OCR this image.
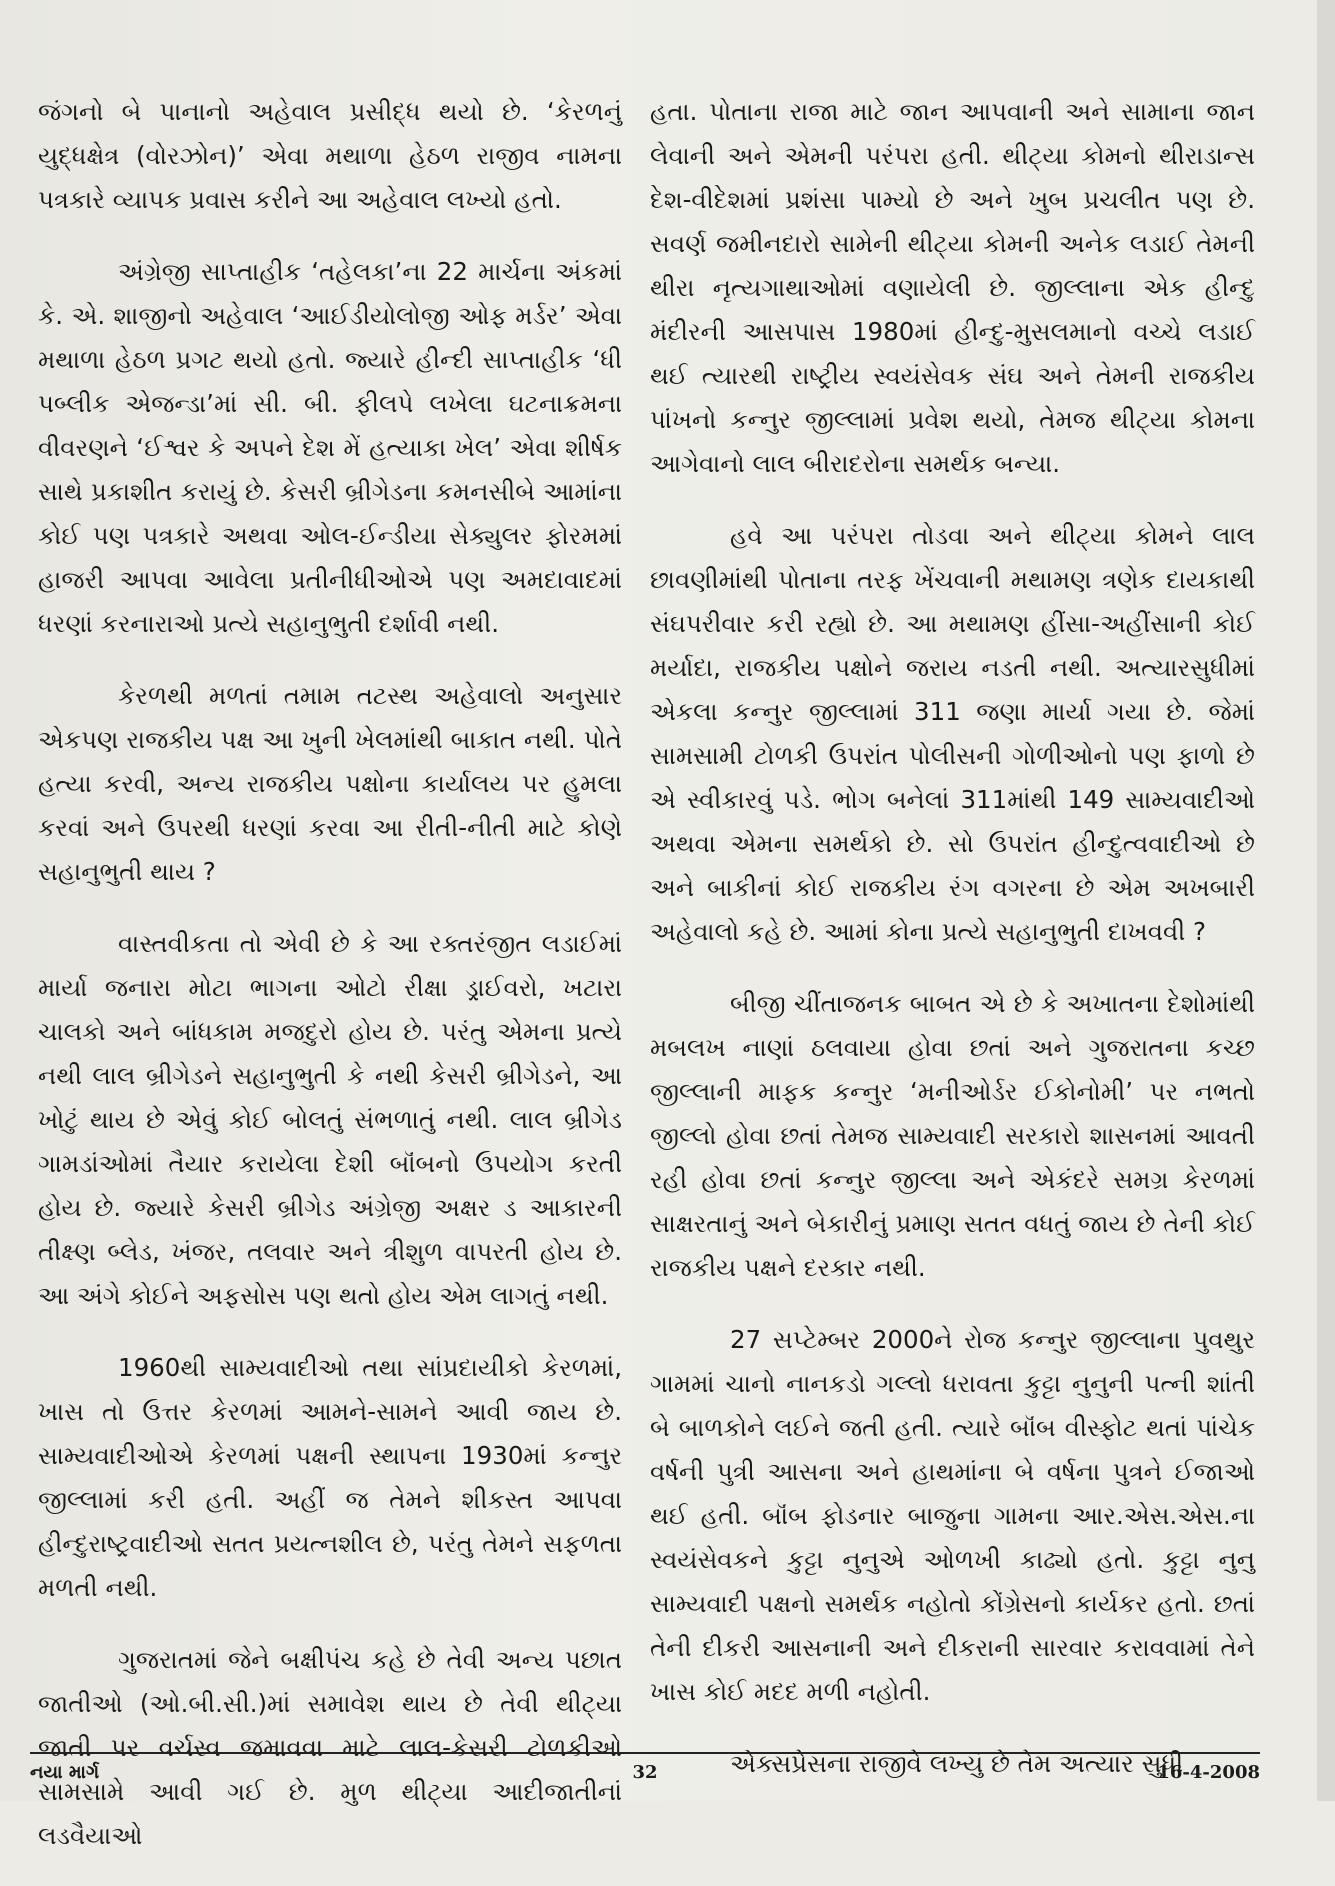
જંગનો બે પાનાનો અહેવાલ પ્રસીદ્ધ થયો છે. ‘કેરળનું યુદ્ધક્ષેત્ર (વોરઝોન)’ એવા મથાળા હેઠળ રાજીવ નામના પત્રકારે વ્યાપક પ્રવાસ કરીને આ અહેવાલ લખ્યો હતો.

અંગ્રેજી સાપ્તાહીક ‘તહેલકા’ના 22 માર્ચના અંકમાં કે. એ. શાજીનો અહેવાલ ‘આઈડીયોલોજી ઓફ મર્ડર’ એવા મથાળા હેઠળ પ્રગટ થયો હતો. જ્યારે હીન્દી સાપ્તાહીક ‘ધી પબ્લીક એજન્ડા’માં સી. બી. ફીલપે લખેલા ઘટનાક્રમના વીવરણને ‘ઈશ્વર કે અપને દેશ મેં હત્યાકા ખેલ’ એવા શીર્ષક સાથે પ્રકાશીત કરાયું છે. કેસરી બ્રીગેડના કમનસીબે આમાંના કોઈ પણ પત્રકારે અથવા ઓલ-ઈન્ડીયા સેક્યુલર ફોરમમાં હાજરી આપવા આવેલા પ્રતીનીધીઓએ પણ અમદાવાદમાં ધરણાં કરનારાઓ પ્રત્યે સહાનુભુતી દર્શાવી નથી.

કેરળથી મળતાં તમામ તટસ્થ અહેવાલો અનુસાર એકપણ રાજકીય પક્ષ આ ખુની ખેલમાંથી બાકાત નથી. પોતે હત્યા કરવી, અન્ય રાજકીય પક્ષોના કાર્યાલય પર હુમલા કરવાં અને ઉપરથી ધરણાં કરવા આ રીતી-નીતી માટે કોણે સહાનુભુતી થાય ?

વાસ્તવીકતા તો એવી છે કે આ રક્તરંજીત લડાઈમાં માર્યા જનારા મોટા ભાગના ઓટો રીક્ષા ડ્રાઈવરો, ખટારા ચાલકો અને બાંધકામ મજદુરો હોય છે. પરંતુ એમના પ્રત્યે નથી લાલ બ્રીગેડને સહાનુભુતી કે નથી કેસરી બ્રીગેડને, આ ખોટું થાય છે એવું કોઈ બોલતું સંભળાતું નથી. લાલ બ્રીગેડ ગામડાંઓમાં તૈયાર કરાયેલા દેશી બૉંબનો ઉપયોગ કરતી હોય છે. જ્યારે કેસરી બ્રીગેડ અંગ્રેજી અક્ષર ડ આકારની તીક્ષ્ણ બ્લેડ, ખંજર, તલવાર અને ત્રીશુળ વાપરતી હોય છે. આ અંગે કોઈને અફસોસ પણ થતો હોય એમ લાગતું નથી.

1960થી સામ્યવાદીઓ તથા સાંપ્રદાયીકો કેરળમાં, ખાસ તો ઉત્તર કેરળમાં આમને-સામને આવી જાય છે. સામ્યવાદીઓએ કેરળમાં પક્ષની સ્થાપના 1930માં કન્નુર જીલ્લામાં કરી હતી. અહીં જ તેમને શીકસ્ત આપવા હીન્દુરાષ્ટ્રવાદીઓ સતત પ્રયત્નશીલ છે, પરંતુ તેમને સફળતા મળતી નથી.

ગુજરાતમાં જેને બક્ષીપંચ કહે છે તેવી અન્ય પછાત જાતીઓ (ઓ.બી.સી.)માં સમાવેશ થાય છે તેવી થીટ્યા જાતી પર વર્ચસ્વ જમાવવા માટે લાલ-કેસરી ટોળકીઓ સામસામે આવી ગઈ છે. મુળ થીટ્યા આદીજાતીનાં લડવૈયાઓ

હતા. પોતાના રાજા માટે જાન આપવાની અને સામાના જાન લેવાની અને એમની પરંપરા હતી. થીટ્યા કોમનો થીરાડાન્સ દેશ-વીદેશમાં પ્રશંસા પામ્યો છે અને ખુબ પ્રચલીત પણ છે. સવર્ણ જમીનદારો સામેની થીટ્યા કોમની અનેક લડાઈ તેમની થીરા નૃત્યગાથાઓમાં વણાયેલી છે. જીલ્લાના એક હીન્દુ મંદીરની આસપાસ 1980માં હીન્દુ-મુસલમાનો વચ્ચે લડાઈ થઈ ત્યારથી રાષ્ટ્રીય સ્વયંસેવક સંઘ અને તેમની રાજકીય પાંખનો કન્નુર જીલ્લામાં પ્રવેશ થયો, તેમજ થીટ્યા કોમના આગેવાનો લાલ બીરાદરોના સમર્થક બન્યા.

હવે આ પરંપરા તોડવા અને થીટ્યા કોમને લાલ છાવણીમાંથી પોતાના તરફ ખેંચવાની મથામણ ત્રણેક દાયકાથી સંઘપરીવાર કરી રહ્યો છે. આ મથામણ હીંસા-અહીંસાની કોઈ મર્યાદા, રાજકીય પક્ષોને જરાય નડતી નથી. અત્યારસુધીમાં એકલા કન્નુર જીલ્લામાં 311 જણા માર્યા ગયા છે. જેમાં સામસામી ટોળકી ઉપરાંત પોલીસની ગોળીઓનો પણ ફાળો છે એ સ્વીકારવું પડે. ભોગ બનેલાં 311માંથી 149 સામ્યવાદીઓ અથવા એમના સમર્થકો છે. સો ઉપરાંત હીન્દુત્વવાદીઓ છે અને બાકીનાં કોઈ રાજકીય રંગ વગરના છે એમ અખબારી અહેવાલો કહે છે. આમાં કોના પ્રત્યે સહાનુભુતી દાખવવી ?

બીજી ચીંતાજનક બાબત એ છે કે અખાતના દેશોમાંથી મબલખ નાણાં ઠલવાયા હોવા છતાં અને ગુજરાતના કચ્છ જીલ્લાની માફક કન્નુર ‘મનીઓર્ડર ઈકોનોમી’ પર નભતો જીલ્લો હોવા છતાં તેમજ સામ્યવાદી સરકારો શાસનમાં આવતી રહી હોવા છતાં કન્નુર જીલ્લા અને એકંદરે સમગ્ર કેરળમાં સાક્ષરતાનું અને બેકારીનું પ્રમાણ સતત વધતું જાય છે તેની કોઈ રાજકીય પક્ષને દરકાર નથી.

27 સપ્ટેમ્બર 2000ને રોજ કન્નુર જીલ્લાના પુવથુર ગામમાં ચાનો નાનકડો ગલ્લો ધરાવતા કુટ્ટા નુનુની પત્ની શાંતી બે બાળકોને લઈને જતી હતી. ત્યારે બૉંબ વીસ્ફોટ થતાં પાંચેક વર્ષની પુત્રી આસના અને હાથમાંના બે વર્ષના પુત્રને ઈજાઓ થઈ હતી. બૉંબ ફોડનાર બાજુના ગામના આર.એસ.એસ.ના સ્વયંસેવકને કુટ્ટા નુનુએ ઓળખી કાઢ્યો હતો. કુટ્ટા નુનુ સામ્યવાદી પક્ષનો સમર્થક નહોતો કોંગ્રેસનો કાર્યકર હતો. છતાં તેની દીકરી આસનાની અને દીકરાની સારવાર કરાવવામાં તેને ખાસ કોઈ મદદ મળી નહોતી.

એક્સપ્રેસના રાજીવે લખ્યું છે તેમ અત્યાર સુધી

નયા માર્ગ	32	16-4-2008
